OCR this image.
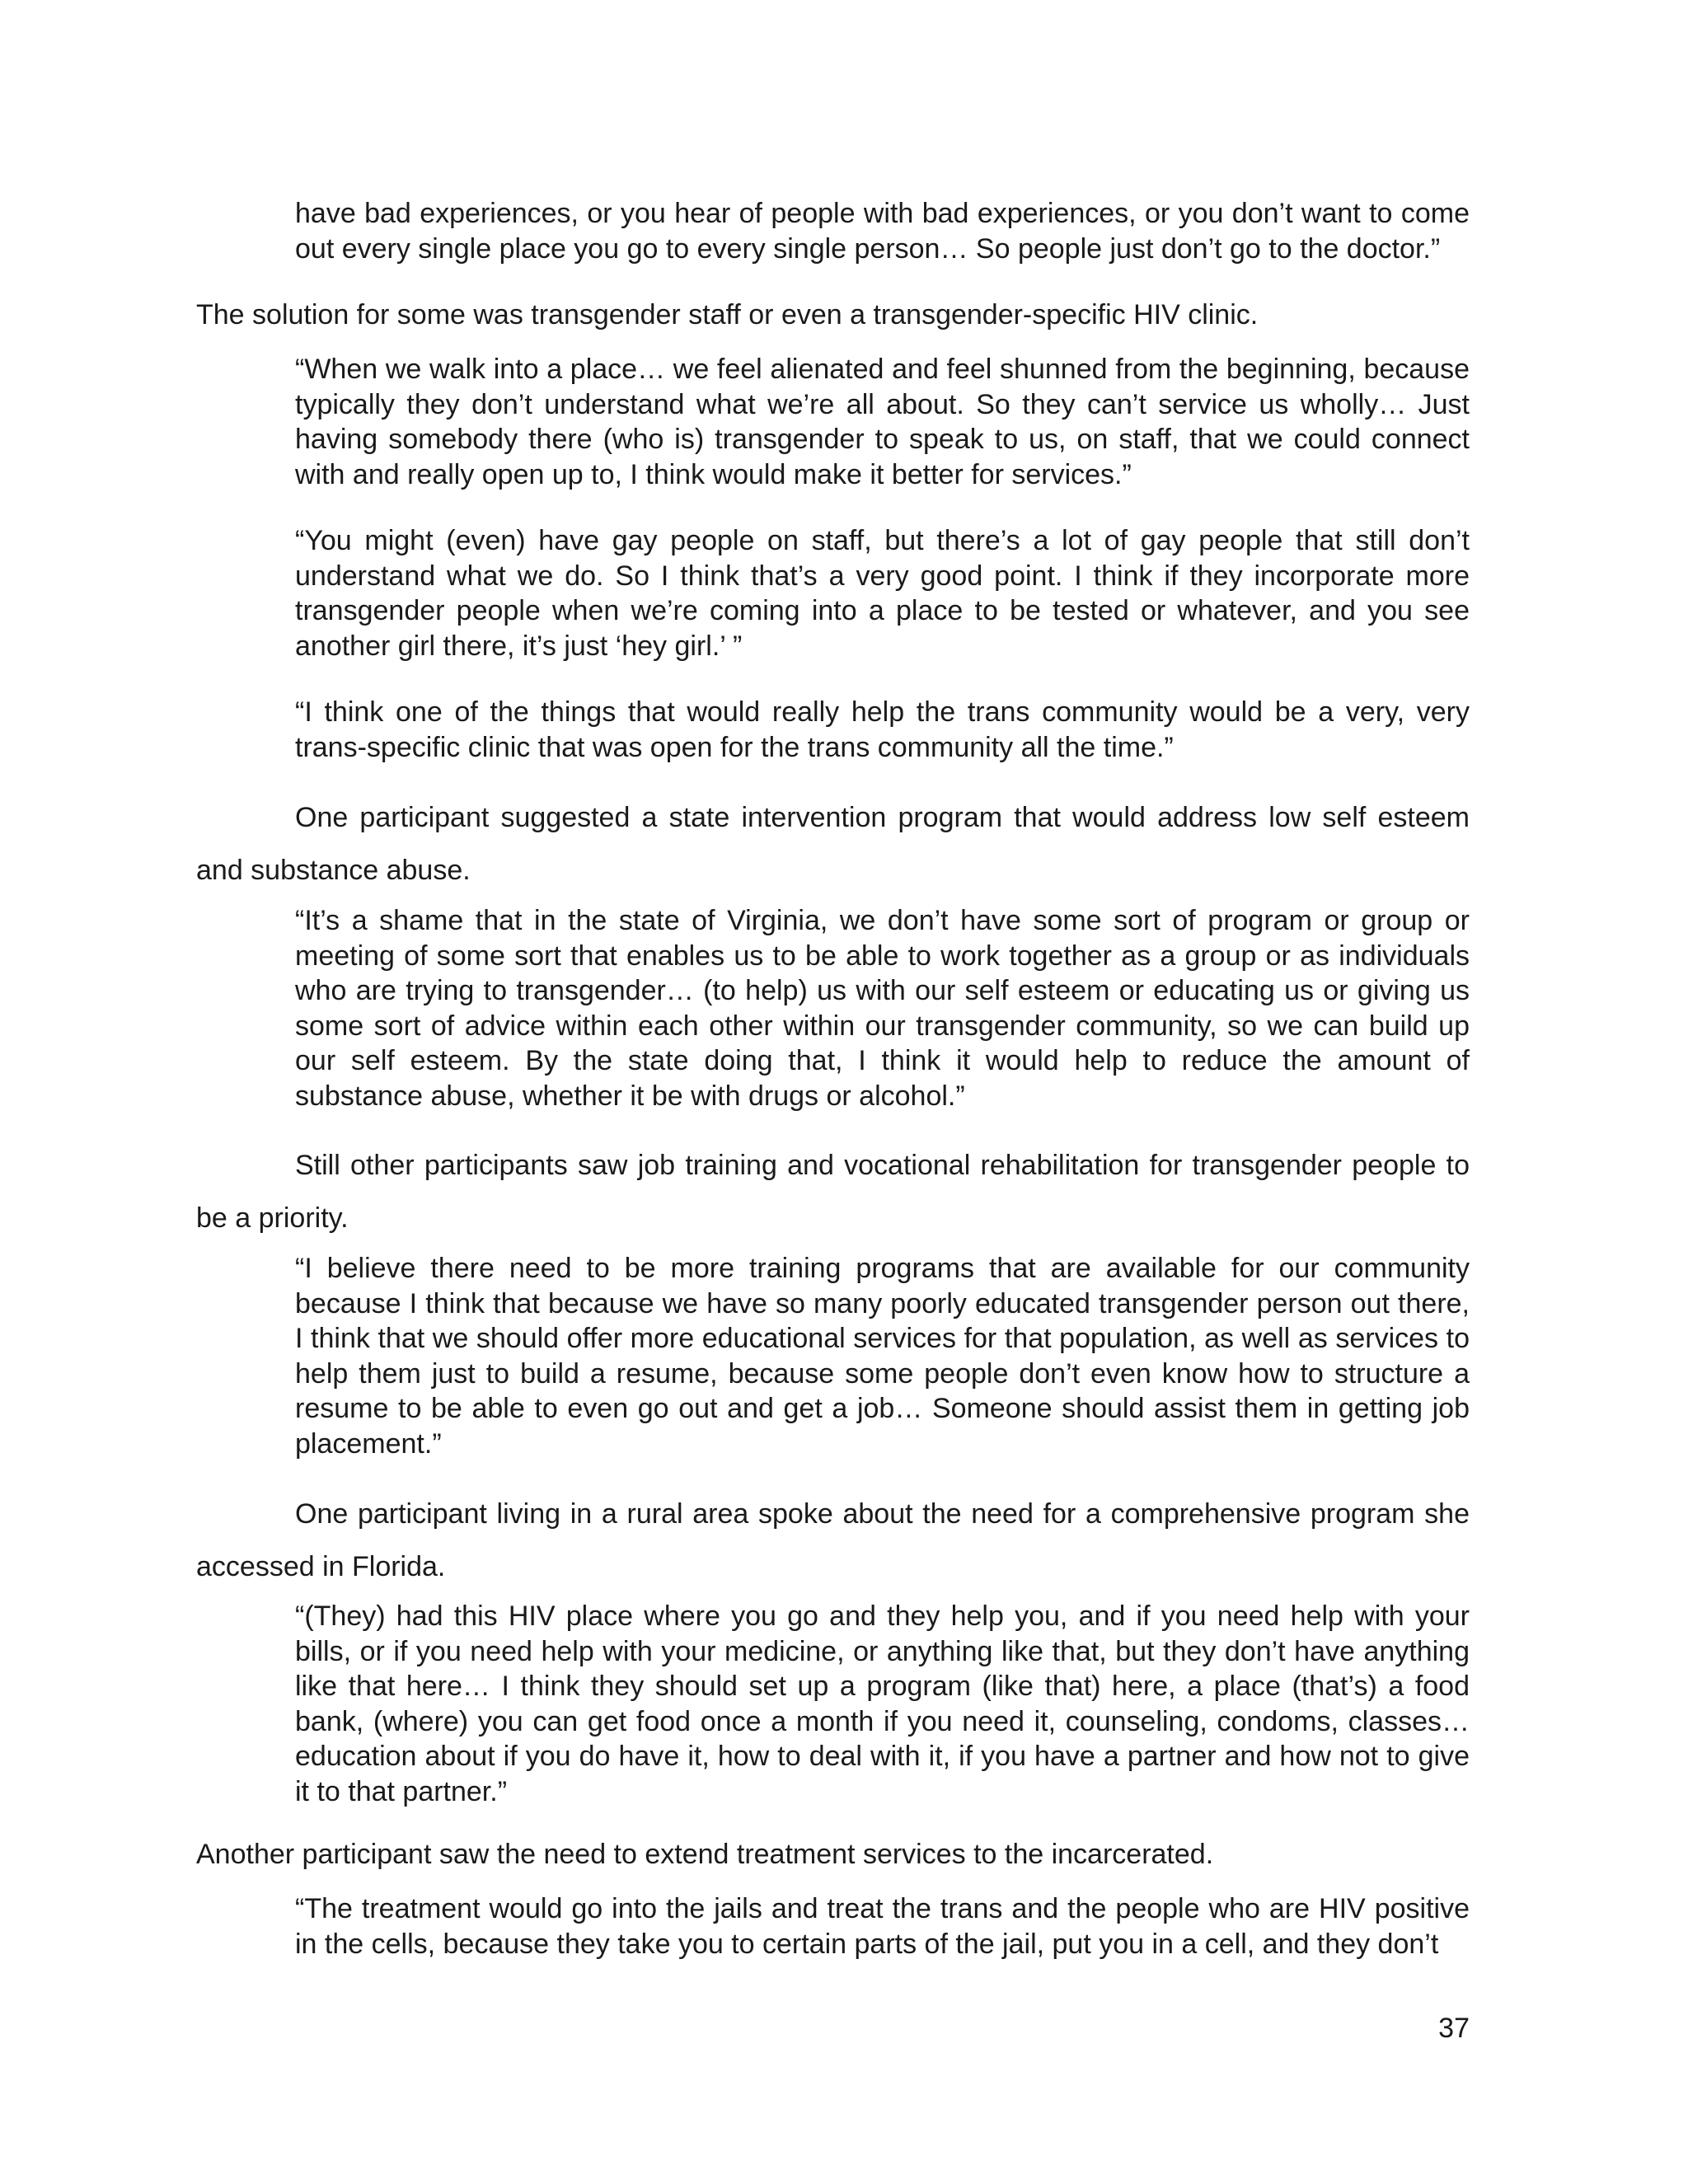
have bad experiences, or you hear of people with bad experiences, or you don’t want to come out every single place you go to every single person… So people just don’t go to the doctor.”

The solution for some was transgender staff or even a transgender-specific HIV clinic.

“When we walk into a place… we feel alienated and feel shunned from the beginning, because typically they don’t understand what we’re all about. So they can’t service us wholly… Just having somebody there (who is) transgender to speak to us, on staff, that we could connect with and really open up to, I think would make it better for services.”

“You might (even) have gay people on staff, but there’s a lot of gay people that still don’t understand what we do. So I think that’s a very good point. I think if they incorporate more transgender people when we’re coming into a place to be tested or whatever, and you see another girl there, it’s just ‘hey girl.’ ”

“I think one of the things that would really help the trans community would be a very, very trans-specific clinic that was open for the trans community all the time.”

One participant suggested a state intervention program that would address low self esteem and substance abuse.

“It’s a shame that in the state of Virginia, we don’t have some sort of program or group or meeting of some sort that enables us to be able to work together as a group or as individuals who are trying to transgender… (to help) us with our self esteem or educating us or giving us some sort of advice within each other within our transgender community, so we can build up our self esteem. By the state doing that, I think it would help to reduce the amount of substance abuse, whether it be with drugs or alcohol.”

Still other participants saw job training and vocational rehabilitation for transgender people to be a priority.

“I believe there need to be more training programs that are available for our community because I think that because we have so many poorly educated transgender person out there, I think that we should offer more educational services for that population, as well as services to help them just to build a resume, because some people don’t even know how to structure a resume to be able to even go out and get a job… Someone should assist them in getting job placement.”

One participant living in a rural area spoke about the need for a comprehensive program she accessed in Florida.

“(They) had this HIV place where you go and they help you, and if you need help with your bills, or if you need help with your medicine, or anything like that, but they don’t have anything like that here… I think they should set up a program (like that) here, a place (that’s) a food bank, (where) you can get food once a month if you need it, counseling, condoms, classes… education about if you do have it, how to deal with it, if you have a partner and how not to give it to that partner.”

Another participant saw the need to extend treatment services to the incarcerated.

“The treatment would go into the jails and treat the trans and the people who are HIV positive in the cells, because they take you to certain parts of the jail, put you in a cell, and they don’t

37
